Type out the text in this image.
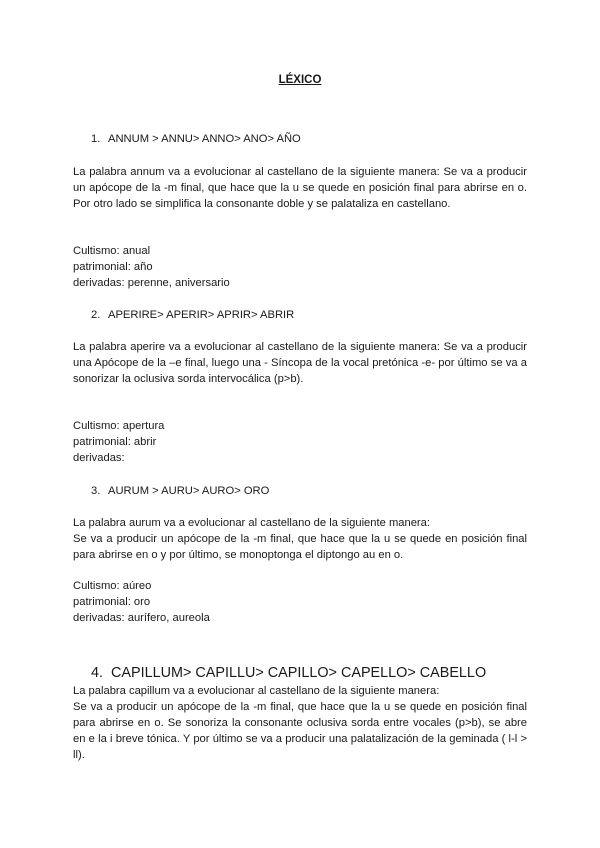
LÉXICO
1. ANNUM > ANNU> ANNO> ANO> AÑO
La palabra annum va a evolucionar al castellano de la siguiente manera: Se va a producir un apócope de la -m final, que hace que la u se quede en posición final para abrirse en o. Por otro lado se simplifica la consonante doble y se palataliza en castellano.
Cultismo: anual
patrimonial: año
derivadas: perenne, aniversario
2. APERIRE> APERIR> APRIR> ABRIR
La palabra aperire va a evolucionar al castellano de la siguiente manera: Se va a producir una Apócope de la –e final, luego una - Síncopa de la vocal pretónica -e- por último se va a sonorizar la oclusiva sorda intervocálica (p>b).
Cultismo: apertura
patrimonial: abrir
derivadas:
3. AURUM > AURU> AURO> ORO
La palabra aurum va a evolucionar al castellano de la siguiente manera:
Se va a producir un apócope de la -m final, que hace que la u se quede en posición final para abrirse en o y por último, se monoptonga el diptongo au en o.
Cultismo: aúreo
patrimonial: oro
derivadas: aurífero, aureola
4. CAPILLUM> CAPILLU> CAPILLO> CAPELLO> CABELLO
La palabra capillum va a evolucionar al castellano de la siguiente manera:
Se va a producir un apócope de la -m final, que hace que la u se quede en posición final para abrirse en o. Se sonoriza la consonante oclusiva sorda entre vocales (p>b), se abre en e la i breve tónica. Y por último se va a producir una palatalización de la geminada ( l-l > ll).
